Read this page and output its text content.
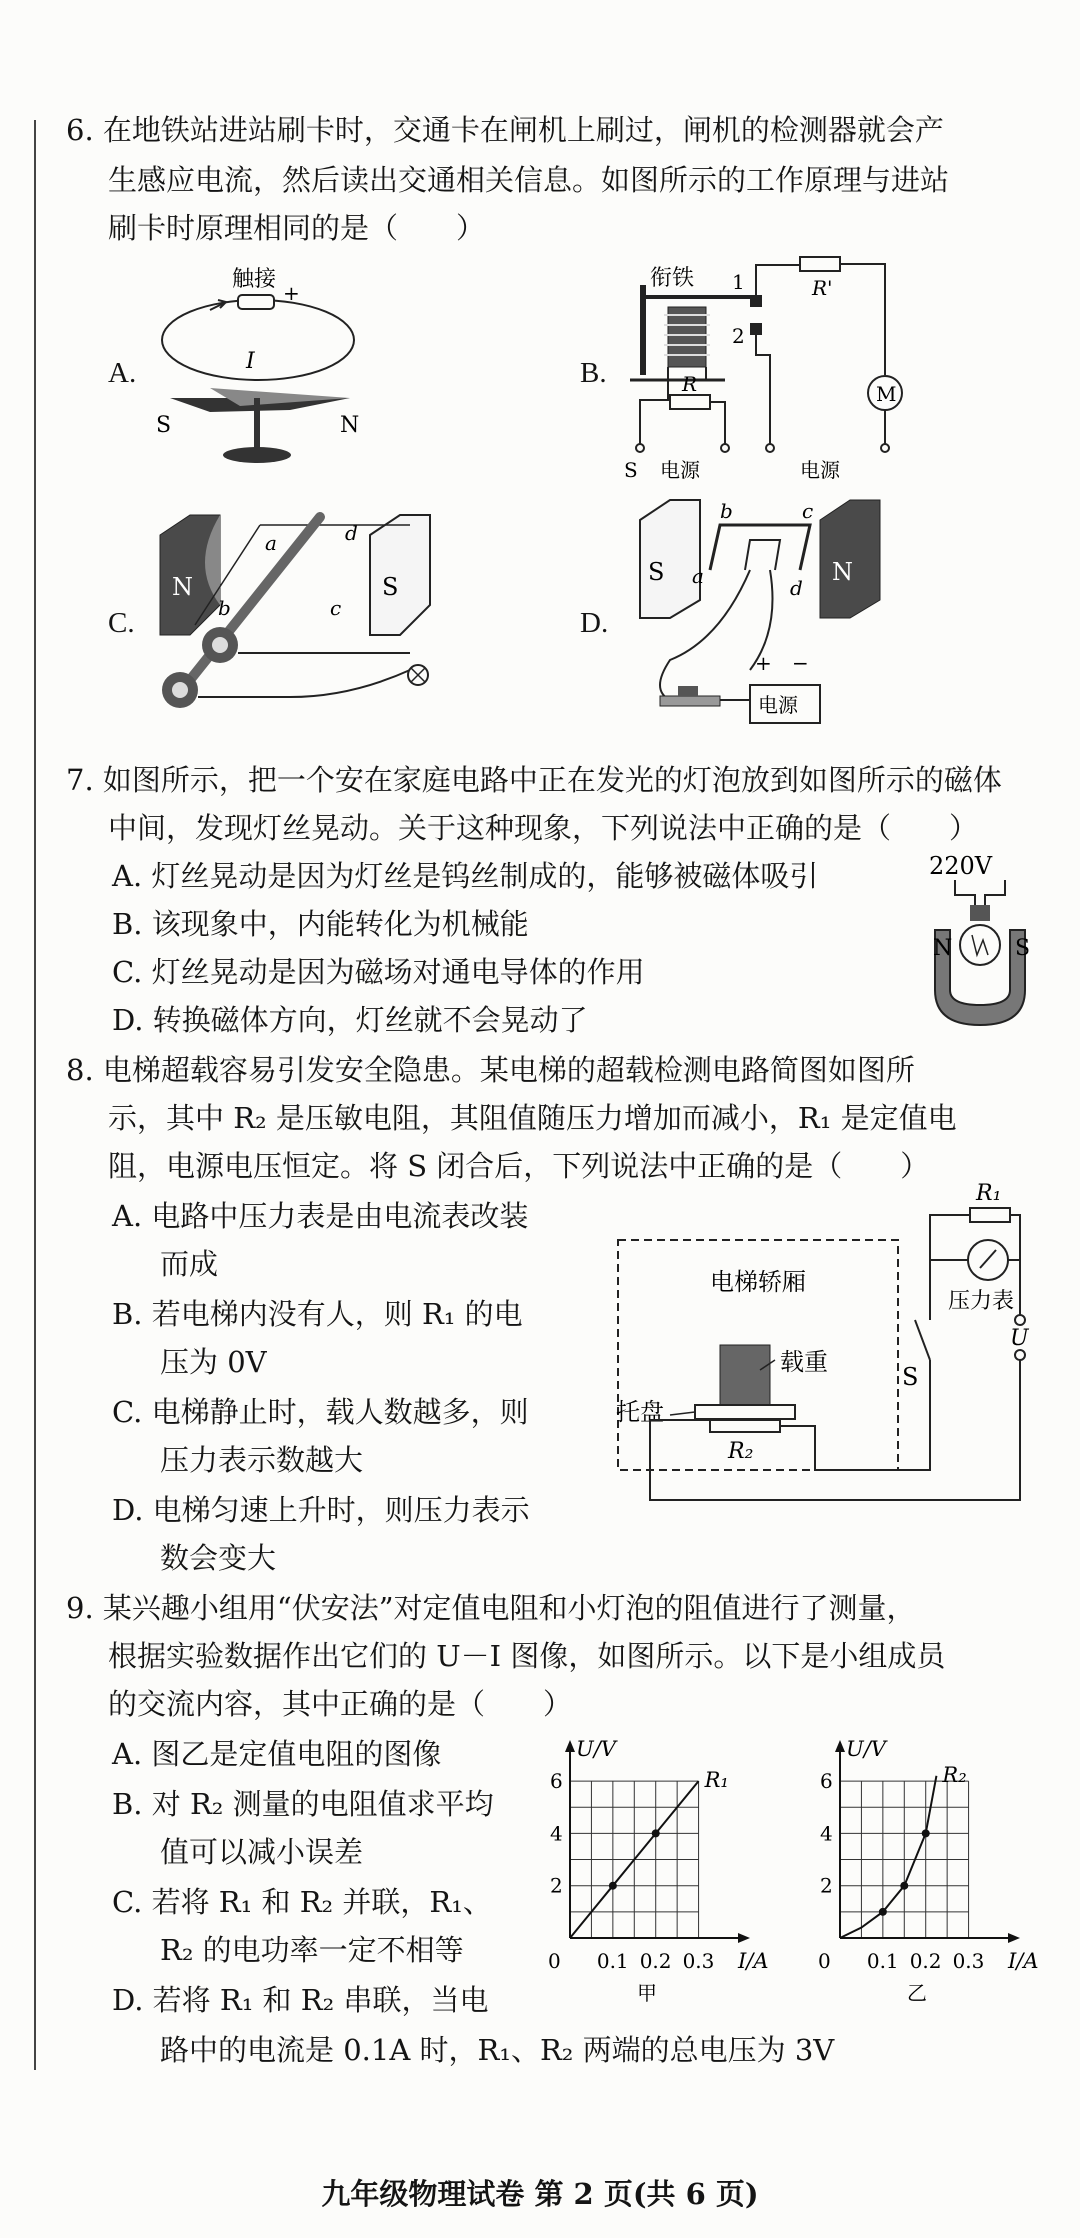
6. 在地铁站进站刷卡时，交通卡在闸机上刷过，闸机的检测器就会产
生感应电流，然后读出交通相关信息。如图所示的工作原理与进站
刷卡时原理相同的是（　　）
A.	B.
C.	D.
触接
+
I
S	N
衔铁 1
2
R'
M
R
S 电源	电源
N	S
a
b	c
d
S	N
a
b	c
d
+ −
电源
7. 如图所示，把一个安在家庭电路中正在发光的灯泡放到如图所示的磁体
中间，发现灯丝晃动。关于这种现象，下列说法中正确的是（　　）
A. 灯丝晃动是因为灯丝是钨丝制成的，能够被磁体吸引
B. 该现象中，内能转化为机械能
C. 灯丝晃动是因为磁场对通电导体的作用
D. 转换磁体方向，灯丝就不会晃动了
220V
N	S
8. 电梯超载容易引发安全隐患。某电梯的超载检测电路简图如图所
示，其中 R₂ 是压敏电阻，其阻值随压力增加而减小，R₁ 是定值电
阻，电源电压恒定。将 S 闭合后，下列说法中正确的是（　　）
A. 电路中压力表是由电流表改装
而成
B. 若电梯内没有人，则 R₁ 的电
压为 0V
C. 电梯静止时，载人数越多，则
压力表示数越大
D. 电梯匀速上升时，则压力表示
数会变大
电梯轿厢
载重
托盘
R₂
S
R₁
压力表
U
9. 某兴趣小组用“伏安法”对定值电阻和小灯泡的阻值进行了测量，
根据实验数据作出它们的 U－I 图像，如图所示。以下是小组成员
的交流内容，其中正确的是（　　）
A. 图乙是定值电阻的图像
B. 对 R₂ 测量的电阻值求平均
值可以减小误差
C. 若将 R₁ 和 R₂ 并联，R₁、
R₂ 的电功率一定不相等
D. 若将 R₁ 和 R₂ 串联，当电
路中的电流是 0.1A 时，R₁、R₂ 两端的总电压为 3V
U/V
I/A
0 0.1 0.2 0.3
2
4
6
甲
R₁
U/V
I/A
0 0.1 0.2 0.3
2
4
6
乙
R₂
九年级物理试卷 第 2 页(共 6 页)
